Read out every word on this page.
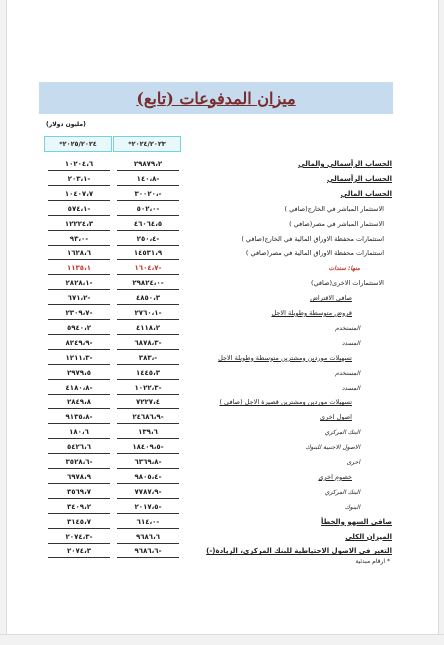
(تابع) ميزان المدفوعات
(مليون دولار)
*٢٠٢٥/٢٠٢٤	*٢٠٢٤/٢٠٢٣
١٠٢٠٤،٦	٢٩٨٧٩،٢	الحساب الرأسمالي والمالي
٢٠٣،١-	١٤٠،٨-	الحساب الرأسمالي
١٠٤٠٧،٧	٣٠٠٢٠،-	الحساب المالي
٥٧٤،١-	٥٠٢،٠-	الاستثمار المباشر في الخارج(صافي )
١٢٢٢٤،٣	٤٦٠٦٤،٥	الاستثمار المباشر في مصر(صافي )
٩٣،٠-	٢٥٠،٤-	استثمارات محفظة الاوراق المالية في الخارج(صافي )
١٦٢٨،٦	١٤٥٣١،٩	استثمارات محفظة الاوراق المالية في مصر(صافي )
١١٣٥،١	١٦٠٤،٧-	منها: سندات
٢٨٢٨،١-	٢٩٨٢٤،٠-	الاستثمارات الاخرى(صافي)
٦٧١،٢-	٤٨٥٠،٣	صافي الاقتراض
٢٣٠٩،٧-	٢٧٦٠،١-	قروض متوسطة وطويلة الاجل
٥٩٤٠،٢	٤١١٨،٢	المستخدم
٨٢٤٩،٩-	٦٨٧٨،٣-	المسدد
١٢١١،٣-	٣٨٣،-	تسهيلات موردين ومشترين متوسطة وطويلة الاجل
٢٩٧٩،٥	١٤٤٥،٣	المستخدم
٤١٨٠،٨-	١٠٢٢،٣-	المسدد
٢٨٤٩،٨	٧٢٢٧،٤	تسهيلات موردين ومشترين قصيرة الاجل (صافي )
٩١٣٥،٨-	٢٤٦٨٦،٩-	اصول اخرى
١٨٠،٦	١٣٩،٦	البنك المركزي
٥٤٢٦،٦	١٨٤٠٩،٥-	الاصول الاجنبية للبنوك
٣٥٢٨،٦-	٦٣٦٩،٨-	اخرى
٦٩٧٨،٩	٩٨٠٥،٤-	خصوم اخرى
٣٥٦٩،٧	٧٧٨٧،٩-	البنك المركزي
٣٤٠٩،٢	٢٠١٧،٥-	البنوك
٣١٤٥،٧	٦١٤،٠-	صافي السهو والخطأ
٢٠٧٤،٣-	٩٦٨٦،٦	الميزان الكلي
٢٠٧٤،٣	٩٦٨٦،٦-	التغير في الاصول الاحتياطية للبنك المركزي، الزيادة(-)
* ارقام مبدئية
